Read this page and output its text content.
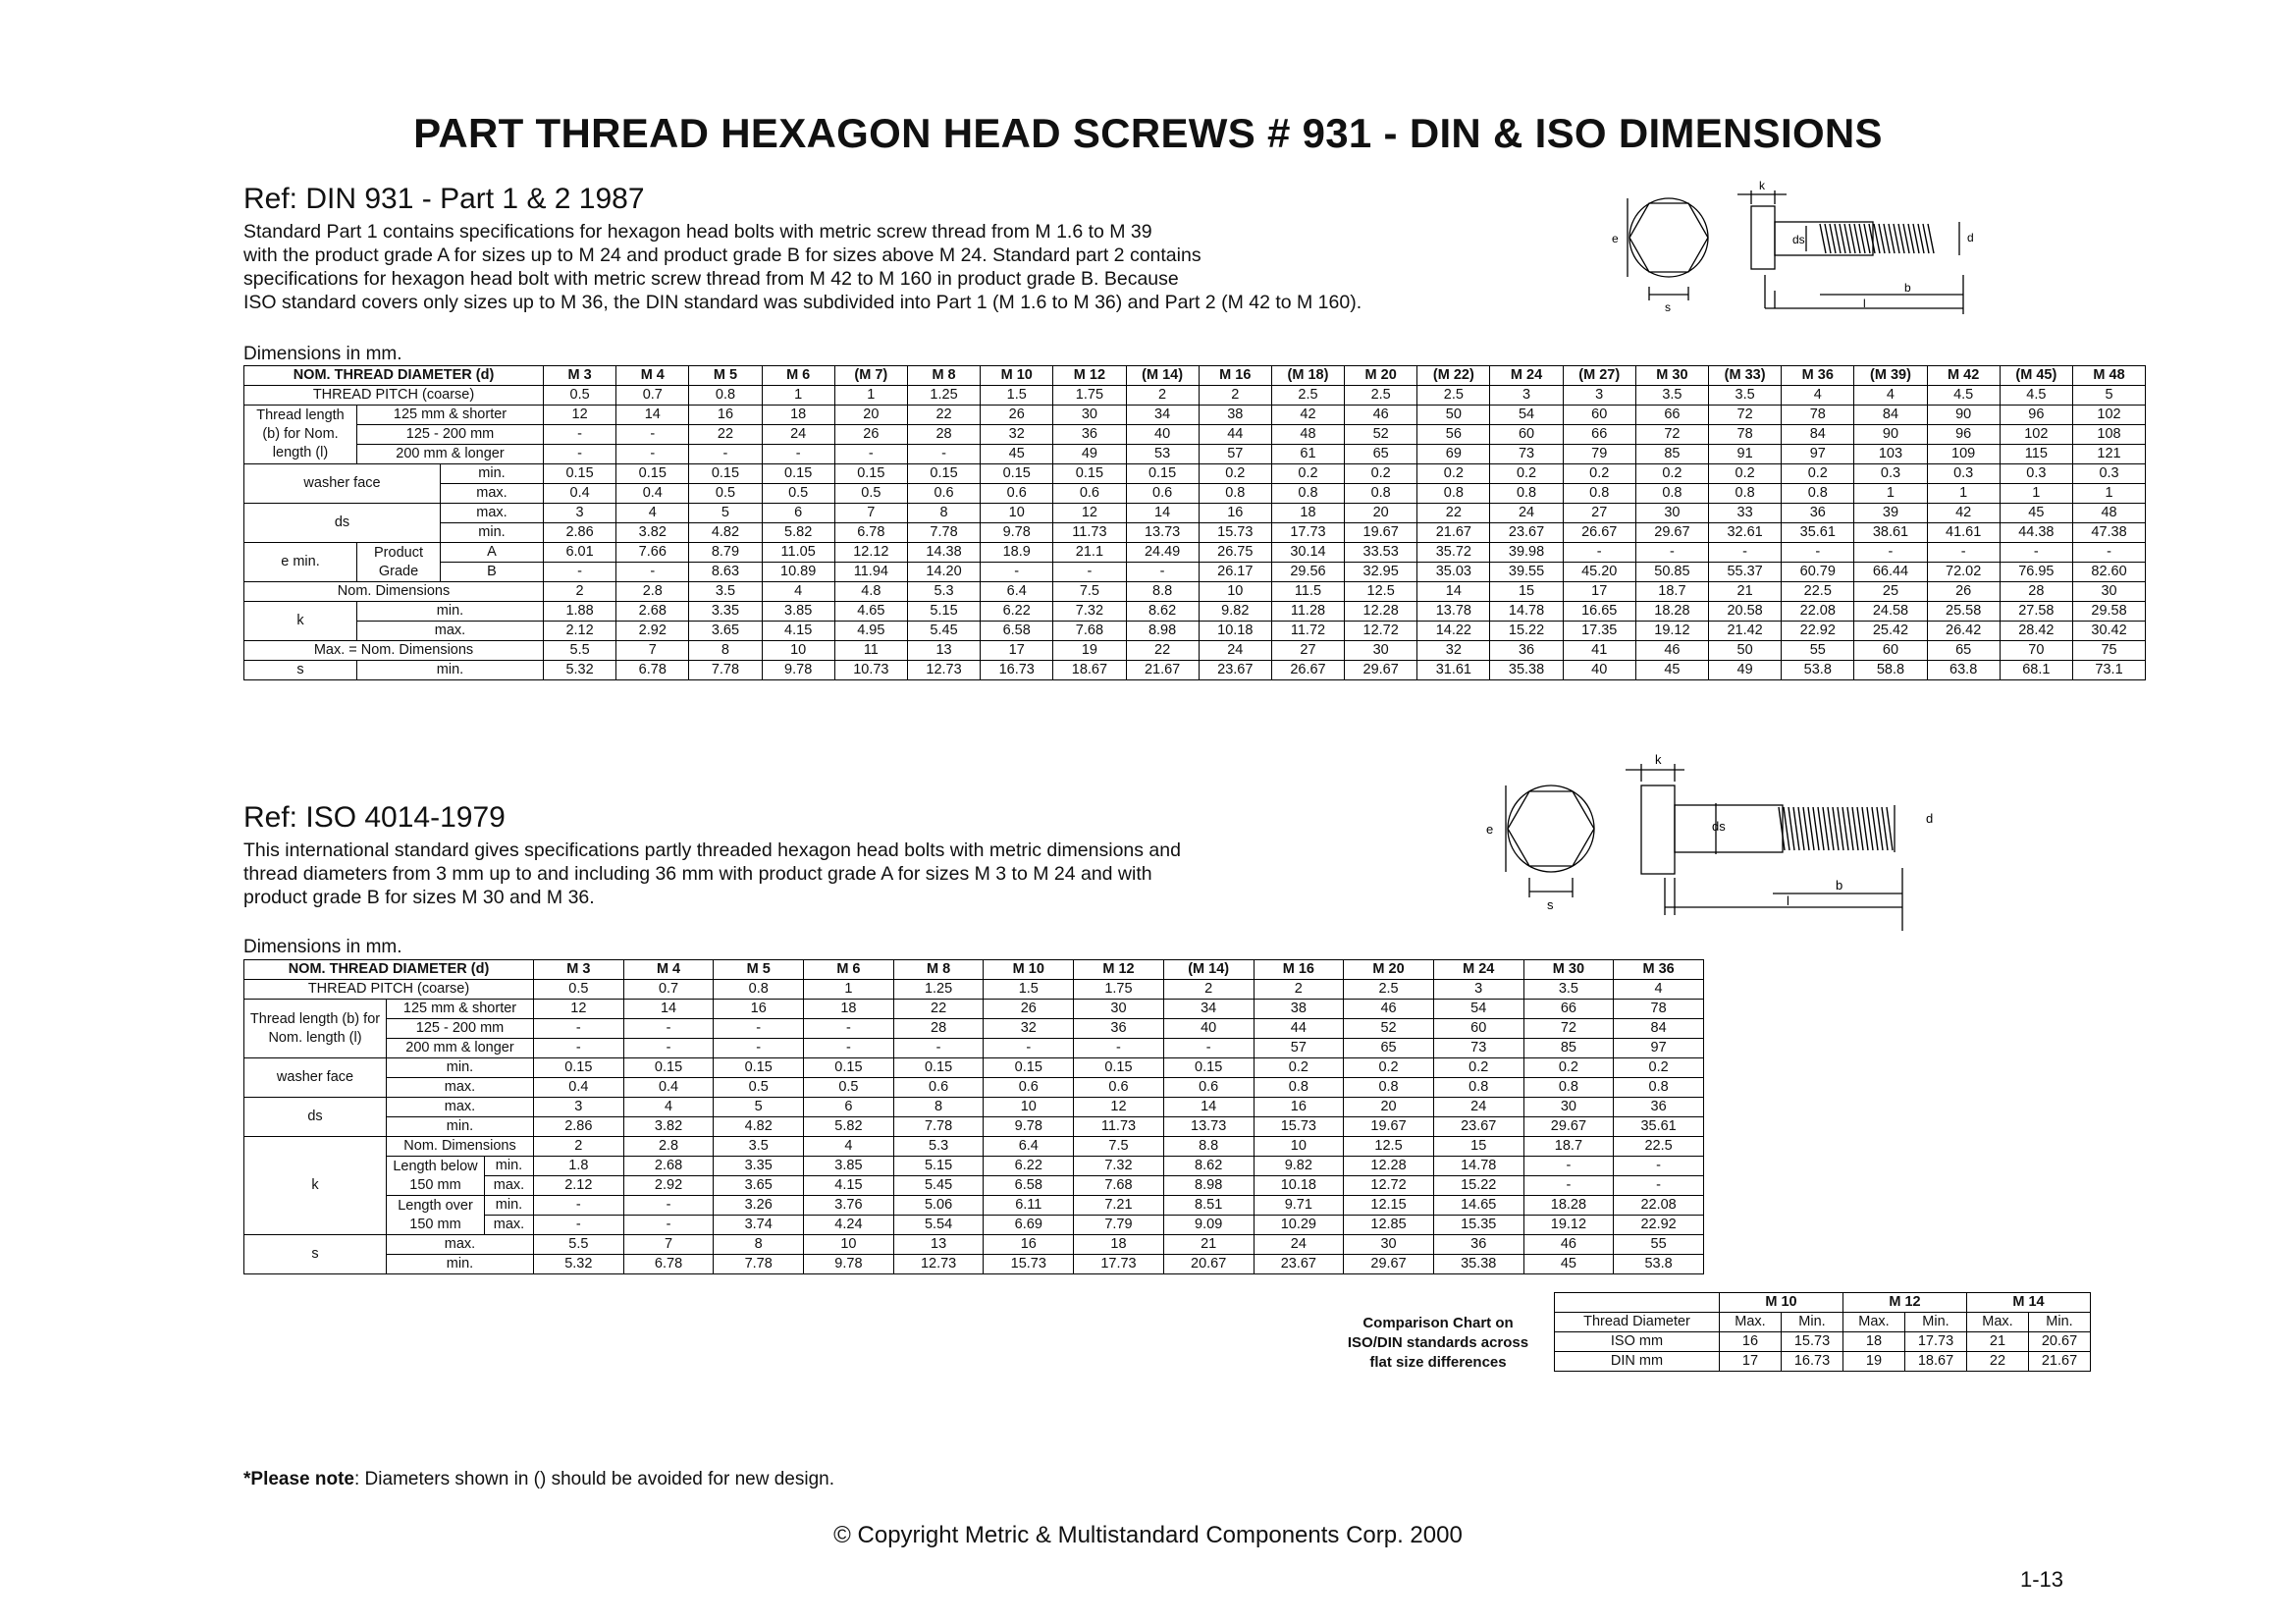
PART THREAD HEXAGON HEAD SCREWS # 931 - DIN & ISO DIMENSIONS
Ref: DIN 931 - Part 1 & 2 1987
Standard Part 1 contains specifications for hexagon head bolts with metric screw thread from M 1.6 to M 39
with the product grade A for sizes up to M 24 and product grade B for sizes above M 24. Standard part 2 contains
specifications for hexagon head bolt with metric screw thread from M 42 to M 160 in product grade B. Because
ISO standard covers only sizes up to M 36, the DIN standard was subdivided into Part 1 (M 1.6 to M 36) and Part 2 (M 42 to M 160).
Dimensions in mm.
e
s
k
ds	d
l
b
NOM. THREAD DIAMETER (d)			M 3	M 4	M 5	M 6	(M 7)	M 8	M 10	M 12	(M 14)	M 16	(M 18)	M 20	(M 22)	M 24	(M 27)	M 30	(M 33)	M 36	(M 39)	M 42	(M 45)	M 48
THREAD PITCH (coarse)			0.5	0.7	0.8	1	1	1.25	1.5	1.75	2	2	2.5	2.5	2.5	3	3	3.5	3.5	4	4	4.5	4.5	5
Thread length (b) for Nom. length (l)	125 mm & shorter		12	14	16	18	20	22	26	30	34	38	42	46	50	54	60	66	72	78	84	90	96	102
	125 - 200 mm		-	-	22	24	26	28	32	36	40	44	48	52	56	60	66	72	78	84	90	96	102	108
	200 mm & longer		-	-	-	-	-	-	45	49	53	57	61	65	69	73	79	85	91	97	103	109	115	121
washer face		min.	0.15	0.15	0.15	0.15	0.15	0.15	0.15	0.15	0.15	0.2	0.2	0.2	0.2	0.2	0.2	0.2	0.2	0.2	0.3	0.3	0.3	0.3
		max.	0.4	0.4	0.5	0.5	0.5	0.6	0.6	0.6	0.6	0.8	0.8	0.8	0.8	0.8	0.8	0.8	0.8	0.8	1	1	1	1
ds		max.	3	4	5	6	7	8	10	12	14	16	18	20	22	24	27	30	33	36	39	42	45	48
		min.	2.86	3.82	4.82	5.82	6.78	7.78	9.78	11.73	13.73	15.73	17.73	19.67	21.67	23.67	26.67	29.67	32.61	35.61	38.61	41.61	44.38	47.38
e min.	Product Grade	A	6.01	7.66	8.79	11.05	12.12	14.38	18.9	21.1	24.49	26.75	30.14	33.53	35.72	39.98	-	-	-	-	-	-	-	-
		B	-	-	8.63	10.89	11.94	14.20	-	-	-	26.17	29.56	32.95	35.03	39.55	45.20	50.85	55.37	60.79	66.44	72.02	76.95	82.60
Nom. Dimensions			2	2.8	3.5	4	4.8	5.3	6.4	7.5	8.8	10	11.5	12.5	14	15	17	18.7	21	22.5	25	26	28	30
k	min.		1.88	2.68	3.35	3.85	4.65	5.15	6.22	7.32	8.62	9.82	11.28	12.28	13.78	14.78	16.65	18.28	20.58	22.08	24.58	25.58	27.58	29.58
	max.		2.12	2.92	3.65	4.15	4.95	5.45	6.58	7.68	8.98	10.18	11.72	12.72	14.22	15.22	17.35	19.12	21.42	22.92	25.42	26.42	28.42	30.42
Max. = Nom. Dimensions			5.5	7	8	10	11	13	17	19	22	24	27	30	32	36	41	46	50	55	60	65	70	75
s	min.		5.32	6.78	7.78	9.78	10.73	12.73	16.73	18.67	21.67	23.67	26.67	29.67	31.61	35.38	40	45	49	53.8	58.8	63.8	68.1	73.1
Ref: ISO 4014-1979
This international standard gives specifications partly threaded hexagon head bolts with metric dimensions and
thread diameters from 3 mm up to and including 36 mm with product grade A for sizes M 3 to M 24 and with
product grade B for sizes M 30 and M 36.
Dimensions in mm.
e
s
k
ds
d
l
b
NOM. THREAD DIAMETER (d)			M 3	M 4	M 5	M 6	M 8	M 10	M 12	(M 14)	M 16	M 20	M 24	M 30	M 36
THREAD PITCH (coarse)			0.5	0.7	0.8	1	1.25	1.5	1.75	2	2	2.5	3	3.5	4
Thread length (b) for Nom. length (l)	125 mm & shorter		12	14	16	18	22	26	30	34	38	46	54	66	78
	125 - 200 mm		-	-	-	-	28	32	36	40	44	52	60	72	84
	200 mm & longer		-	-	-	-	-	-	-	-	57	65	73	85	97
washer face	min.		0.15	0.15	0.15	0.15	0.15	0.15	0.15	0.15	0.2	0.2	0.2	0.2	0.2
	max.		0.4	0.4	0.5	0.5	0.6	0.6	0.6	0.6	0.8	0.8	0.8	0.8	0.8
ds	max.		3	4	5	6	8	10	12	14	16	20	24	30	36
	min.		2.86	3.82	4.82	5.82	7.78	9.78	11.73	13.73	15.73	19.67	23.67	29.67	35.61
k	Nom. Dimensions		2	2.8	3.5	4	5.3	6.4	7.5	8.8	10	12.5	15	18.7	22.5
	Length below 150 mm	min.	1.8	2.68	3.35	3.85	5.15	6.22	7.32	8.62	9.82	12.28	14.78	-	-
		max.	2.12	2.92	3.65	4.15	5.45	6.58	7.68	8.98	10.18	12.72	15.22	-	-
	Length over 150 mm	min.	-	-	3.26	3.76	5.06	6.11	7.21	8.51	9.71	12.15	14.65	18.28	22.08
		max.	-	-	3.74	4.24	5.54	6.69	7.79	9.09	10.29	12.85	15.35	19.12	22.92
s	max.		5.5	7	8	10	13	16	18	21	24	30	36	46	55
	min.		5.32	6.78	7.78	9.78	12.73	15.73	17.73	20.67	23.67	29.67	35.38	45	53.8
Comparison Chart on
ISO/DIN standards across
flat size differences
	M 10		M 12		M 14	
Thread Diameter	Max.	Min.	Max.	Min.	Max.	Min.
ISO mm	16	15.73	18	17.73	21	20.67
DIN mm	17	16.73	19	18.67	22	21.67
*Please note: Diameters shown in () should be avoided for new design.
© Copyright Metric & Multistandard Components Corp. 2000
1-13
